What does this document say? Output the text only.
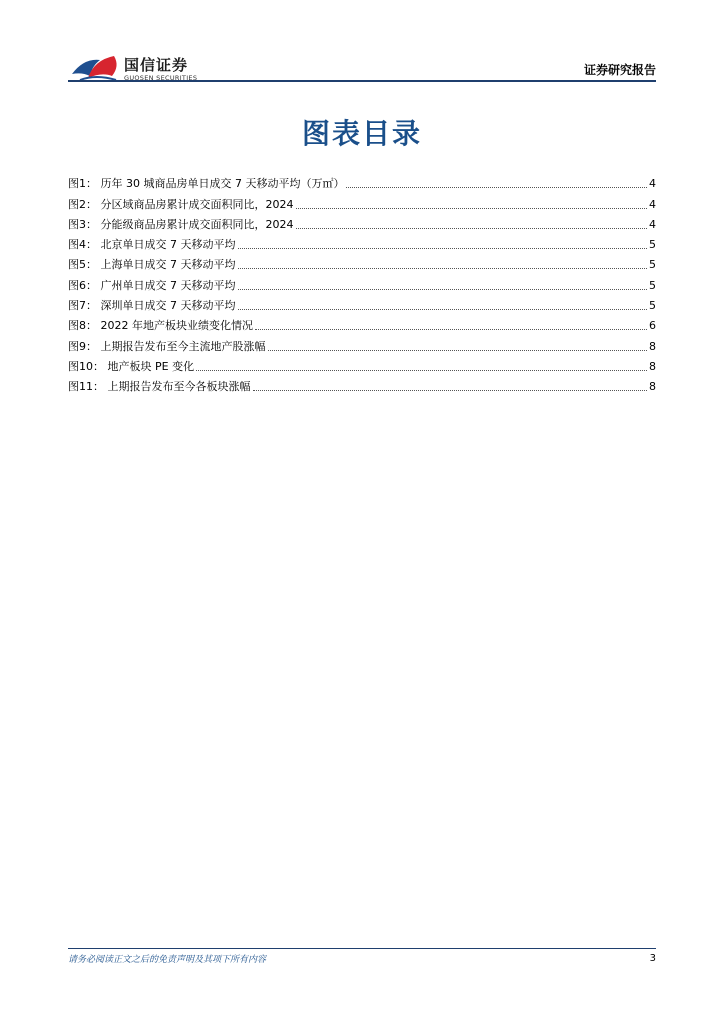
国信证券
GUOSEN SECURITIES
证券研究报告
图表目录
图1： 历年 30 城商品房单日成交 7 天移动平均（万㎡）	4
图2： 分区域商品房累计成交面积同比，2024	4
图3： 分能级商品房累计成交面积同比，2024	4
图4： 北京单日成交 7 天移动平均	5
图5： 上海单日成交 7 天移动平均	5
图6： 广州单日成交 7 天移动平均	5
图7： 深圳单日成交 7 天移动平均	5
图8： 2022 年地产板块业绩变化情况	6
图9： 上期报告发布至今主流地产股涨幅	8
图10： 地产板块 PE 变化	8
图11： 上期报告发布至今各板块涨幅	8
请务必阅读正文之后的免责声明及其项下所有内容	3
